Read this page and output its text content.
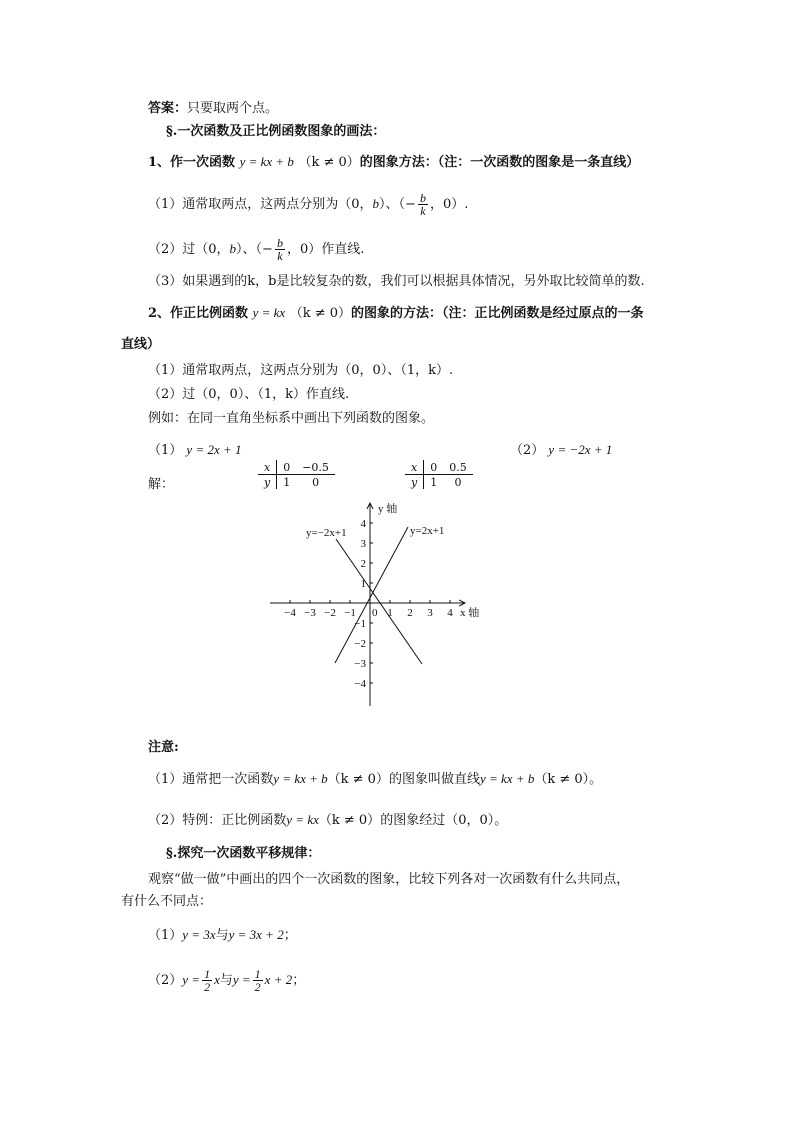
答案：只要取两个点。
§.一次函数及正比例函数图象的画法：
1、作一次函数 y = kx + b （k ≠ 0）的图象方法：（注：一次函数的图象是一条直线）
（1）通常取两点，这两点分别为（0，b）、（− $\frac{b}{k}$ ，0）.
（2）过（0，b）、（− $\frac{b}{k}$ ，0）作直线.
（3）如果遇到的k，b是比较复杂的数，我们可以根据具体情况，另外取比较简单的数.
2、作正比例函数 y = kx （k ≠ 0）的图象的方法：（注：正比例函数是经过原点的一条
直线）
（1）通常取两点，这两点分别为（0，0）、（1，k）.
（2）过（0，0）、（1，k）作直线.
例如：在同一直角坐标系中画出下列函数的图象。
（1） y = 2x + 1	（2） y = −2x + 1
解：
x	0	−0.5
y	1	0
x	0	0.5
y	1	0
y 轴
x 轴
0
y=2x+1
y=−2x+1
−4 −3 −2 −1	1 2 3 4
4
3
2
1
−1
−2
−3
−4
注意:
（1）通常把一次函数y = kx + b（k ≠ 0）的图象叫做直线y = kx + b（k ≠ 0）。
（2）特例：正比例函数y = kx（k ≠ 0）的图象经过（0，0）。
§.探究一次函数平移规律：
观察“做一做”中画出的四个一次函数的图象，比较下列各对一次函数有什么共同点，
有什么不同点：
（1）y = 3x与y = 3x + 2；
$(2)y = \frac{1}{2}$ x与$y = \frac{1}{2}$ x + 2；
